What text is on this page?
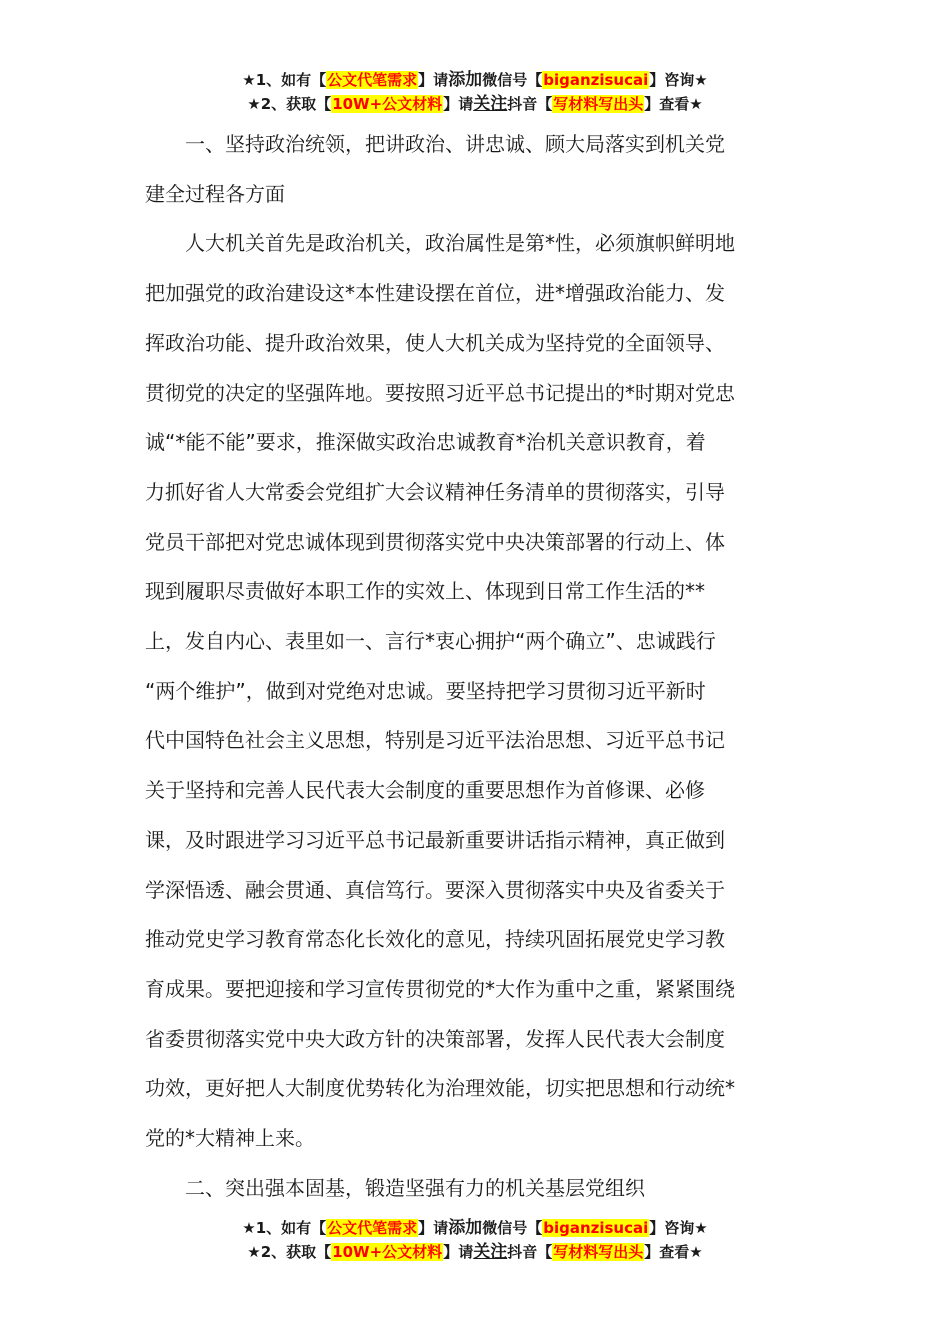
★1、如有【公文代笔需求】请添加微信号【biganzisucai】咨询★
★2、获取【10W+公文材料】请关注抖音【写材料写出头】查看★

一、坚持政治统领，把讲政治、讲忠诚、顾大局落实到机关党
建全过程各方面

人大机关首先是政治机关，政治属性是第*性，必须旗帜鲜明地
把加强党的政治建设这*本性建设摆在首位，进*增强政治能力、发
挥政治功能、提升政治效果，使人大机关成为坚持党的全面领导、
贯彻党的决定的坚强阵地。要按照习近平总书记提出的*时期对党忠
诚“*能不能”要求，推深做实政治忠诚教育*治机关意识教育，着
力抓好省人大常委会党组扩大会议精神任务清单的贯彻落实，引导
党员干部把对党忠诚体现到贯彻落实党中央决策部署的行动上、体
现到履职尽责做好本职工作的实效上、体现到日常工作生活的**
上，发自内心、表里如一、言行*衷心拥护“两个确立”、忠诚践行
“两个维护”，做到对党绝对忠诚。要坚持把学习贯彻习近平新时
代中国特色社会主义思想，特别是习近平法治思想、习近平总书记
关于坚持和完善人民代表大会制度的重要思想作为首修课、必修
课，及时跟进学习习近平总书记最新重要讲话指示精神，真正做到
学深悟透、融会贯通、真信笃行。要深入贯彻落实中央及省委关于
推动党史学习教育常态化长效化的意见，持续巩固拓展党史学习教
育成果。要把迎接和学习宣传贯彻党的*大作为重中之重，紧紧围绕
省委贯彻落实党中央大政方针的决策部署，发挥人民代表大会制度
功效，更好把人大制度优势转化为治理效能，切实把思想和行动统*
党的*大精神上来。

二、突出强本固基，锻造坚强有力的机关基层党组织

★1、如有【公文代笔需求】请添加微信号【biganzisucai】咨询★
★2、获取【10W+公文材料】请关注抖音【写材料写出头】查看★
